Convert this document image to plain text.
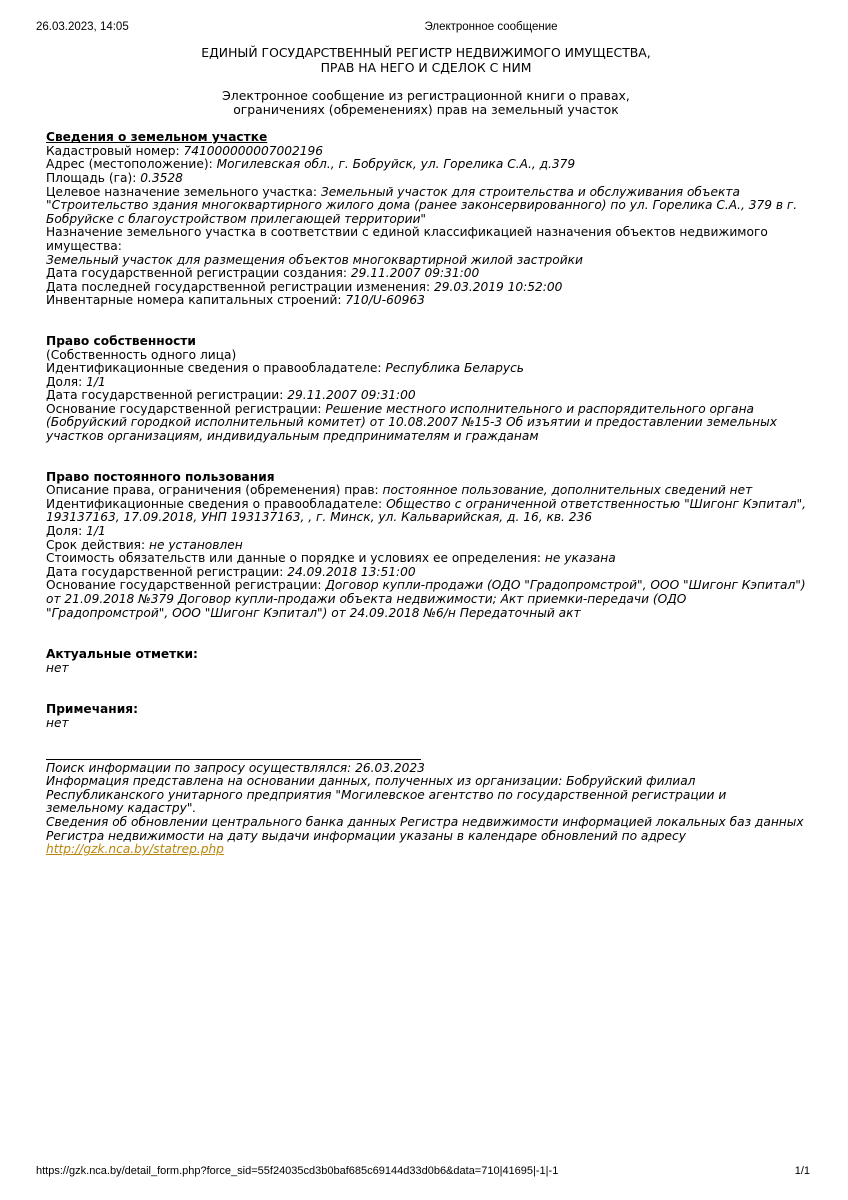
26.03.2023, 14:05	Электронное сообщение
ЕДИНЫЙ ГОСУДАРСТВЕННЫЙ РЕГИСТР НЕДВИЖИМОГО ИМУЩЕСТВА,
ПРАВ НА НЕГО И СДЕЛОК С НИМ
Электронное сообщение из регистрационной книги о правах,
ограничениях (обременениях) прав на земельный участок
Сведения о земельном участке
Кадастровый номер: 741000000007002196
Адрес (местоположение): Могилевская обл., г. Бобруйск, ул. Горелика С.А., д.379
Площадь (га): 0.3528
Целевое назначение земельного участка: Земельный участок для строительства и обслуживания объекта "Строительство здания многоквартирного жилого дома (ранее законсервированного) по ул. Горелика С.А., 379 в г. Бобруйске с благоустройством прилегающей территории"
Назначение земельного участка в соответствии с единой классификацией назначения объектов недвижимого имущества:
Земельный участок для размещения объектов многоквартирной жилой застройки
Дата государственной регистрации создания: 29.11.2007 09:31:00
Дата последней государственной регистрации изменения: 29.03.2019 10:52:00
Инвентарные номера капитальных строений: 710/U-60963
Право собственности
(Собственность одного лица)
Идентификационные сведения о правообладателе: Республика Беларусь
Доля: 1/1
Дата государственной регистрации: 29.11.2007 09:31:00
Основание государственной регистрации: Решение местного исполнительного и распорядительного органа (Бобруйский городкой исполнительный комитет) от 10.08.2007 №15-3 Об изъятии и предоставлении земельных участков организациям, индивидуальным предпринимателям и гражданам
Право постоянного пользования
Описание права, ограничения (обременения) прав: постоянное пользование, дополнительных сведений нет
Идентификационные сведения о правообладателе: Общество с ограниченной ответственностью "Шигонг Кэпитал", 193137163, 17.09.2018, УНП 193137163, , г. Минск, ул. Кальварийская, д. 16, кв. 236
Доля: 1/1
Срок действия: не установлен
Стоимость обязательств или данные о порядке и условиях ее определения: не указана
Дата государственной регистрации: 24.09.2018 13:51:00
Основание государственной регистрации: Договор купли-продажи (ОДО "Градопромстрой", ООО "Шигонг Кэпитал") от 21.09.2018 №379 Договор купли-продажи объекта недвижимости; Акт приемки-передачи (ОДО "Градопромстрой", ООО "Шигонг Кэпитал") от 24.09.2018 №6/н Передаточный акт
Актуальные отметки:
нет
Примечания:
нет
Поиск информации по запросу осуществлялся: 26.03.2023
Информация представлена на основании данных, полученных из организации: Бобруйский филиал Республиканского унитарного предприятия "Могилевское агентство по государственной регистрации и земельному кадастру".
Сведения об обновлении центрального банка данных Регистра недвижимости информацией локальных баз данных Регистра недвижимости на дату выдачи информации указаны в календаре обновлений по адресу
http://gzk.nca.by/statrep.php
https://gzk.nca.by/detail_form.php?force_sid=55f24035cd3b0baf685c69144d33d0b6&data=710|41695|-1|-1	1/1
